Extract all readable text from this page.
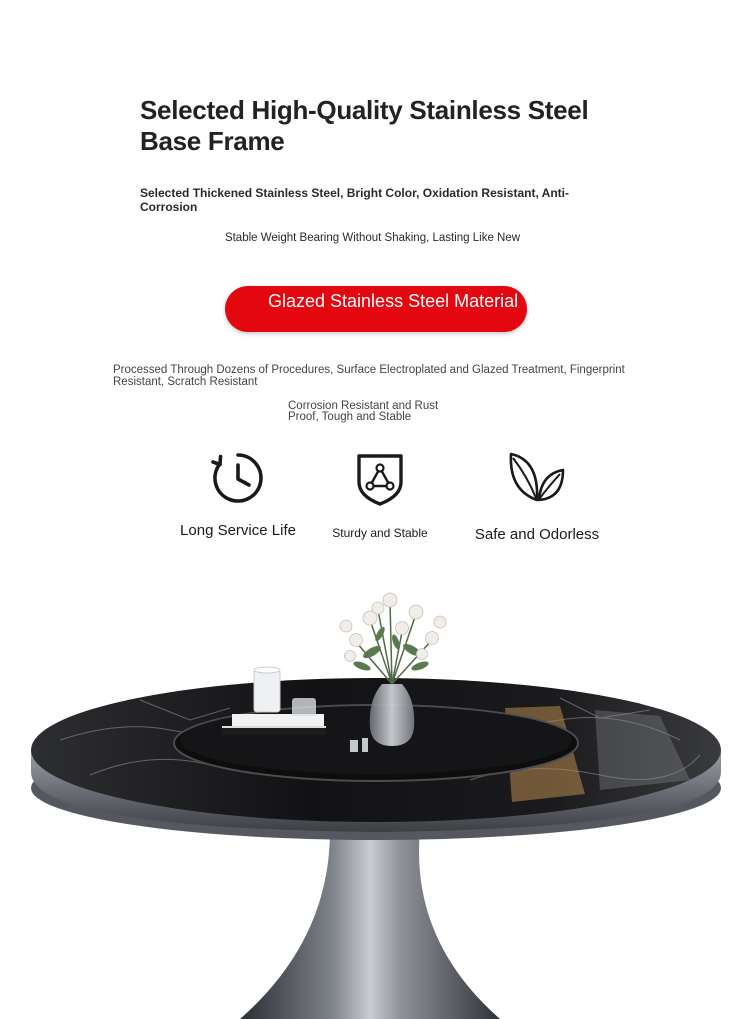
Selected High-Quality Stainless Steel Base Frame

Selected Thickened Stainless Steel, Bright Color, Oxidation Resistant, Anti-Corrosion

Stable Weight Bearing Without Shaking, Lasting Like New

Glazed Stainless Steel Material

Processed Through Dozens of Procedures, Surface Electroplated and Glazed Treatment, Fingerprint Resistant, Scratch Resistant

Corrosion Resistant and Rust Proof, Tough and Stable

Long Service Life	Sturdy and Stable	Safe and Odorless
